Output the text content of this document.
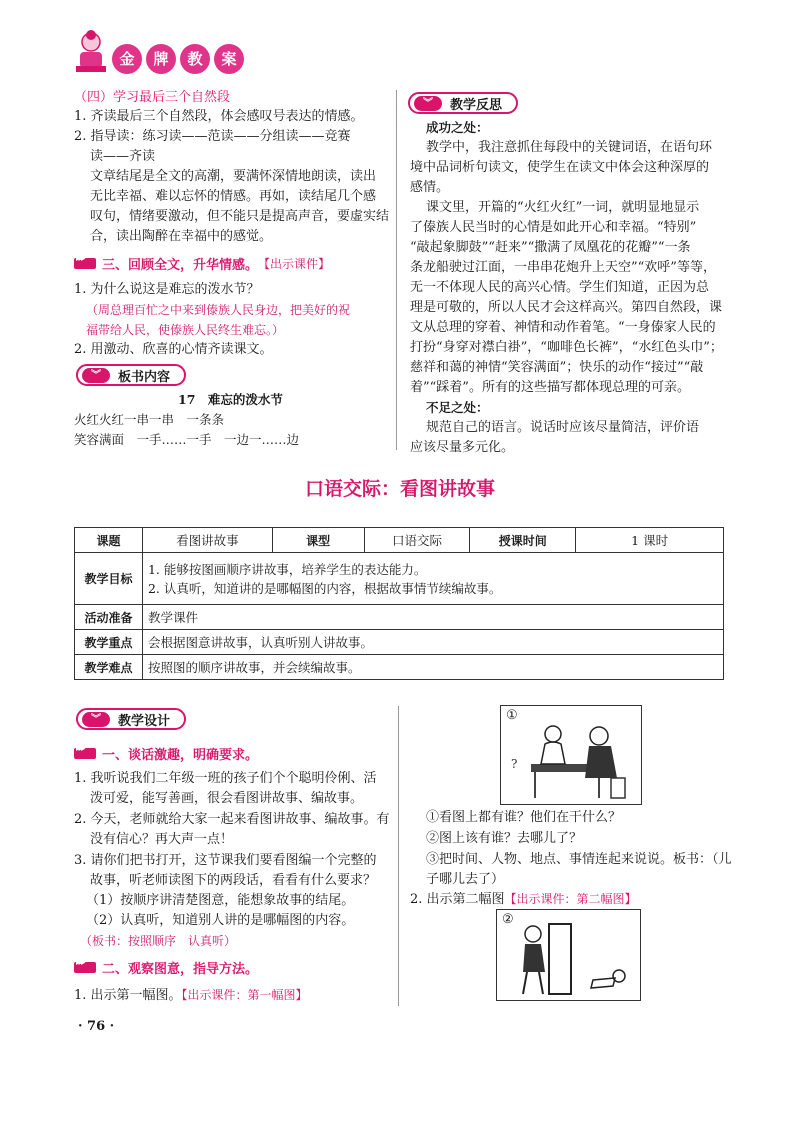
金	牌	教	案
（四）学习最后三个自然段
1. 齐读最后三个自然段，体会感叹号表达的情感。
2. 指导读：练习读——范读——分组读——竞赛
读——齐读
文章结尾是全文的高潮，要满怀深情地朗读，读出
无比幸福、难以忘怀的情感。再如，读结尾几个感
叹句，情绪要激动，但不能只是提高声音，要虚实结
合，读出陶醉在幸福中的感觉。
▸▸▸
三、回顾全文，升华情感。 【出示课件】
1. 为什么说这是难忘的泼水节？
（周总理百忙之中来到傣族人民身边，把美好的祝
福带给人民，使傣族人民终生难忘。）
2. 用激动、欣喜的心情齐读课文。
︾	板书内容
17　难忘的泼水节
火红火红一串一串　一条条
笑容满面　一手……一手　一边一……边
︾	教学反思
成功之处：
教学中，我注意抓住每段中的关键词语，在语句环
境中品词析句读文，使学生在读文中体会这种深厚的
感情。
课文里，开篇的“火红火红”一词，就明显地显示
了傣族人民当时的心情是如此开心和幸福。“特别”
“敲起象脚鼓”“赶来”“撒满了凤凰花的花瓣”“一条
条龙船驶过江面，一串串花炮升上天空”“欢呼”等等，
无一不体现人民的高兴心情。学生们知道，正因为总
理是可敬的，所以人民才会这样高兴。第四自然段，课
文从总理的穿着、神情和动作着笔。“一身傣家人民的
打扮“身穿对襟白褂”，“咖啡色长裤”，“水红色头巾”；
慈祥和蔼的神情“笑容满面”；快乐的动作“接过”“敲
着”“踩着”。所有的这些描写都体现总理的可亲。
不足之处：
规范自己的语言。说话时应该尽量简洁，评价语
应该尽量多元化。
口语交际：看图讲故事
课题	看图讲故事	课型	口语交际	授课时间	1 课时
教学目标	1. 能够按图画顺序讲故事，培养学生的表达能力。
2. 认真听，知道讲的是哪幅图的内容，根据故事情节续编故事。				

活动准备	教学课件				
教学重点	会根据图意讲故事，认真听别人讲故事。				
教学难点	按照图的顺序讲故事，并会续编故事。				
︾	教学设计
▸▸▸
一、谈话激趣，明确要求。
1. 我听说我们二年级一班的孩子们个个聪明伶俐、活
泼可爱，能写善画，很会看图讲故事、编故事。
2. 今天，老师就给大家一起来看图讲故事、编故事。有
没有信心？再大声一点！
3. 请你们把书打开，这节课我们要看图编一个完整的
故事，听老师读图下的两段话，看看有什么要求？
（1）按顺序讲清楚图意，能想象故事的结尾。
（2）认真听，知道别人讲的是哪幅图的内容。
（板书：按照顺序　认真听）
▸▸▸
二、观察图意，指导方法。
1. 出示第一幅图。【出示课件：第一幅图】
①
?
①看图上都有谁？他们在干什么？
②图上该有谁？去哪儿了？
③把时间、人物、地点、事情连起来说说。板书：（儿
子哪儿去了）
2. 出示第二幅图【出示课件：第二幅图】
②
· 76 ·
